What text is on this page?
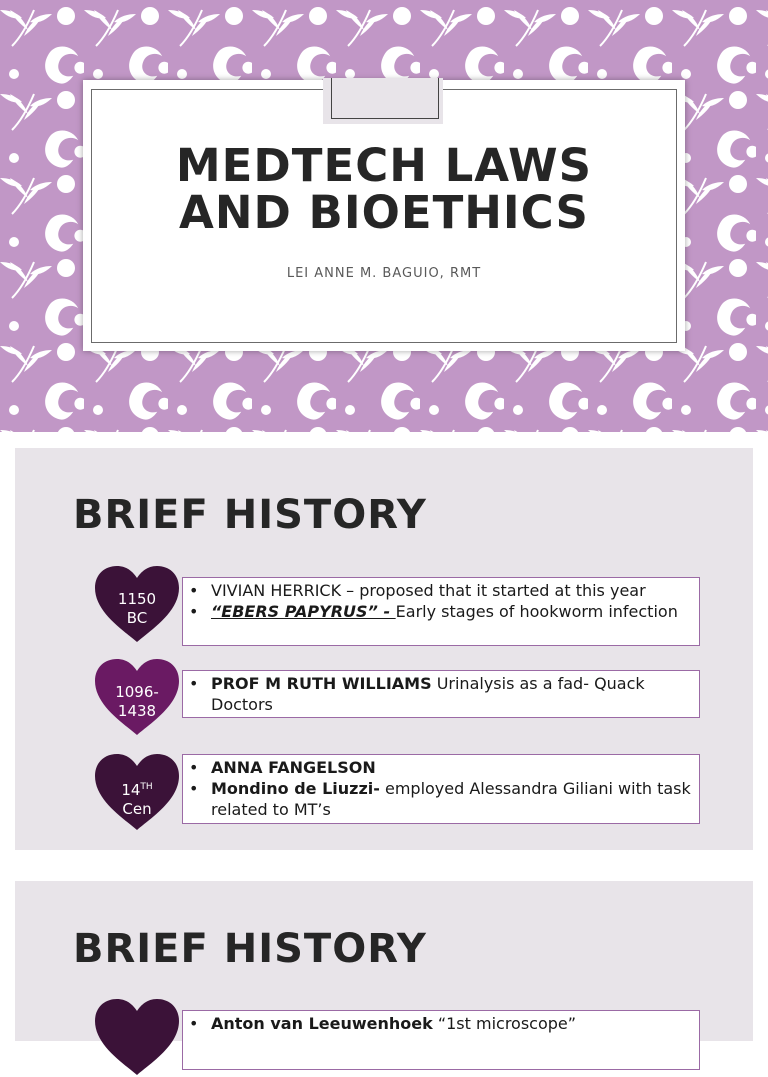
MEDTECH LAWS
AND BIOETHICS
LEI ANNE M. BAGUIO, RMT
BRIEF HISTORY
1150
BC
• VIVIAN HERRICK – proposed that it started at this year
• “EBERS PAPYRUS” - Early stages of hookworm infection
1096-
1438
• PROF M RUTH WILLIAMS Urinalysis as a fad- Quack Doctors
14TH
Cen
• ANNA FANGELSON
• Mondino de Liuzzi- employed Alessandra Giliani with task related to MT’s
BRIEF HISTORY
• Anton van Leeuwenhoek “1st microscope”
